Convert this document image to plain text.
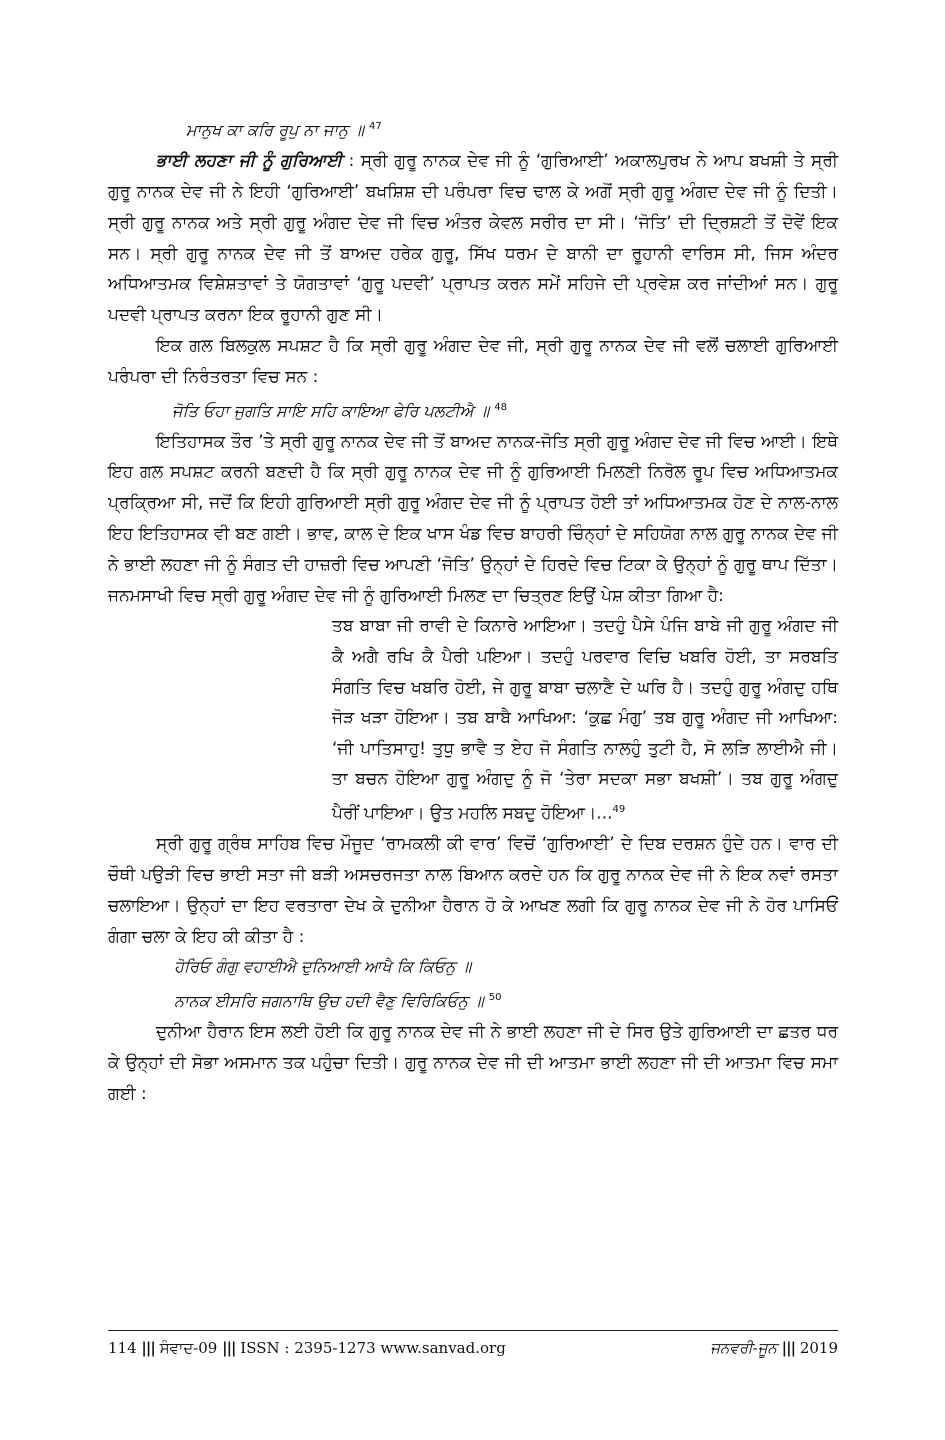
ਮਾਨੁਖ ਕਾ ਕਰਿ ਰੂਪੁ ਨਾ ਜਾਨੁ ॥ $^{47}$

ਭਾਈ ਲਹਣਾ ਜੀ ਨੂੰ ਗੁਰਿਆਈ : ਸ੍ਰੀ ਗੁਰੂ ਨਾਨਕ ਦੇਵ ਜੀ ਨੂੰ ‘ਗੁਰਿਆਈ’ ਅਕਾਲਪੁਰਖ ਨੇ ਆਪ ਬਖਸ਼ੀ ਤੇ ਸ੍ਰੀ ਗੁਰੂ ਨਾਨਕ ਦੇਵ ਜੀ ਨੇ ਇਹੀ ‘ਗੁਰਿਆਈ’ ਬਖਸ਼ਿਸ਼ ਦੀ ਪਰੰਪਰਾ ਵਿਚ ਢਾਲ ਕੇ ਅਗੋਂ ਸ੍ਰੀ ਗੁਰੂ ਅੰਗਦ ਦੇਵ ਜੀ ਨੂੰ ਦਿਤੀ। ਸ੍ਰੀ ਗੁਰੂ ਨਾਨਕ ਅਤੇ ਸ੍ਰੀ ਗੁਰੂ ਅੰਗਦ ਦੇਵ ਜੀ ਵਿਚ ਅੰਤਰ ਕੇਵਲ ਸਰੀਰ ਦਾ ਸੀ। ‘ਜੋਤਿ’ ਦੀ ਦ੍ਰਿਸ਼ਟੀ ਤੋਂ ਦੋਵੇਂ ਇਕ ਸਨ। ਸ੍ਰੀ ਗੁਰੂ ਨਾਨਕ ਦੇਵ ਜੀ ਤੋਂ ਬਾਅਦ ਹਰੇਕ ਗੁਰੂ, ਸਿੱਖ ਧਰਮ ਦੇ ਬਾਨੀ ਦਾ ਰੂਹਾਨੀ ਵਾਰਿਸ ਸੀ, ਜਿਸ ਅੰਦਰ ਅਧਿਆਤਮਕ ਵਿਸ਼ੇਸ਼ਤਾਵਾਂ ਤੇ ਯੋਗਤਾਵਾਂ ‘ਗੁਰੂ ਪਦਵੀ’ ਪ੍ਰਾਪਤ ਕਰਨ ਸਮੇਂ ਸਹਿਜੇ ਦੀ ਪ੍ਰਵੇਸ਼ ਕਰ ਜਾਂਦੀਆਂ ਸਨ। ਗੁਰੂ ਪਦਵੀ ਪ੍ਰਾਪਤ ਕਰਨਾ ਇਕ ਰੂਹਾਨੀ ਗੁਣ ਸੀ।

ਇਕ ਗਲ ਬਿਲਕੁਲ ਸਪਸ਼ਟ ਹੈ ਕਿ ਸ੍ਰੀ ਗੁਰੂ ਅੰਗਦ ਦੇਵ ਜੀ, ਸ੍ਰੀ ਗੁਰੂ ਨਾਨਕ ਦੇਵ ਜੀ ਵਲੋਂ ਚਲਾਈ ਗੁਰਿਆਈ ਪਰੰਪਰਾ ਦੀ ਨਿਰੰਤਰਤਾ ਵਿਚ ਸਨ :

ਜੋਤਿ ਓਹਾ ਜੁਗਤਿ ਸਾਇ ਸਹਿ ਕਾਇਆ ਫੇਰਿ ਪਲਟੀਐ ॥ $^{48}$

ਇਤਿਹਾਸਕ ਤੌਰ ’ਤੇ ਸ੍ਰੀ ਗੁਰੂ ਨਾਨਕ ਦੇਵ ਜੀ ਤੋਂ ਬਾਅਦ ਨਾਨਕ-ਜੋਤਿ ਸ੍ਰੀ ਗੁਰੂ ਅੰਗਦ ਦੇਵ ਜੀ ਵਿਚ ਆਈ। ਇਥੇ ਇਹ ਗਲ ਸਪਸ਼ਟ ਕਰਨੀ ਬਣਦੀ ਹੈ ਕਿ ਸ੍ਰੀ ਗੁਰੂ ਨਾਨਕ ਦੇਵ ਜੀ ਨੂੰ ਗੁਰਿਆਈ ਮਿਲਣੀ ਨਿਰੋਲ ਰੂਪ ਵਿਚ ਅਧਿਆਤਮਕ ਪ੍ਰਕ੍ਰਿਆ ਸੀ, ਜਦੋਂ ਕਿ ਇਹੀ ਗੁਰਿਆਈ ਸ੍ਰੀ ਗੁਰੂ ਅੰਗਦ ਦੇਵ ਜੀ ਨੂੰ ਪ੍ਰਾਪਤ ਹੋਈ ਤਾਂ ਅਧਿਆਤਮਕ ਹੋਣ ਦੇ ਨਾਲ-ਨਾਲ ਇਹ ਇਤਿਹਾਸਕ ਵੀ ਬਣ ਗਈ। ਭਾਵ, ਕਾਲ ਦੇ ਇਕ ਖਾਸ ਖੰਡ ਵਿਚ ਬਾਹਰੀ ਚਿੰਨ੍ਹਾਂ ਦੇ ਸਹਿਯੋਗ ਨਾਲ ਗੁਰੂ ਨਾਨਕ ਦੇਵ ਜੀ ਨੇ ਭਾਈ ਲਹਣਾ ਜੀ ਨੂੰ ਸੰਗਤ ਦੀ ਹਾਜ਼ਰੀ ਵਿਚ ਆਪਣੀ ‘ਜੋਤਿ’ ਉਨ੍ਹਾਂ ਦੇ ਹਿਰਦੇ ਵਿਚ ਟਿਕਾ ਕੇ ਉਨ੍ਹਾਂ ਨੂੰ ਗੁਰੂ ਥਾਪ ਦਿੱਤਾ। ਜਨਮਸਾਖੀ ਵਿਚ ਸ੍ਰੀ ਗੁਰੂ ਅੰਗਦ ਦੇਵ ਜੀ ਨੂੰ ਗੁਰਿਆਈ ਮਿਲਣ ਦਾ ਚਿਤ੍ਰਣ ਇਉਂ ਪੇਸ਼ ਕੀਤਾ ਗਿਆ ਹੈ:

ਤਬ ਬਾਬਾ ਜੀ ਰਾਵੀ ਦੇ ਕਿਨਾਰੇ ਆਇਆ। ਤਦਹੁੰ ਪੈਸੇ ਪੰਜਿ ਬਾਬੇ ਜੀ ਗੁਰੂ ਅੰਗਦ ਜੀ ਕੈ ਅਗੈ ਰਖਿ ਕੈ ਪੈਰੀ ਪਇਆ। ਤਦਹੁੰ ਪਰਵਾਰ ਵਿਚਿ ਖਬਰਿ ਹੋਈ, ਤਾ ਸਰਬਤਿ ਸੰਗਤਿ ਵਿਚ ਖਬਰਿ ਹੋਈ, ਜੇ ਗੁਰੂ ਬਾਬਾ ਚਲਾਣੈ ਦੇ ਘਰਿ ਹੈ। ਤਦਹੁੰ ਗੁਰੂ ਅੰਗਦੁ ਹਥਿ ਜੋੜ ਖੜਾ ਹੋਇਆ। ਤਬ ਬਾਬੈ ਆਖਿਆ: ‘ਕੁਛ ਮੰਗੁ’ ਤਬ ਗੁਰੂ ਅੰਗਦ ਜੀ ਆਖਿਆ: ‘ਜੀ ਪਾਤਿਸਾਹੁ! ਤੁਧੁ ਭਾਵੈ ਤ ਏਹ ਜੋ ਸੰਗਤਿ ਨਾਲਹੁੰ ਤੁਟੀ ਹੈ, ਸੋ ਲੜਿ ਲਾਈਐ ਜੀ। ਤਾ ਬਚਨ ਹੋਇਆ ਗੁਰੂ ਅੰਗਦੁ ਨੂੰ ਜੋ ‘ਤੇਰਾ ਸਦਕਾ ਸਭਾ ਬਖਸ਼ੀ’। ਤਬ ਗੁਰੂ ਅੰਗਦੁ ਪੈਰੀਂ ਪਾਇਆ। ਉਤ ਮਹਲਿ ਸਬਦੁ ਹੋਇਆ।...$^{49}$

ਸ੍ਰੀ ਗੁਰੂ ਗ੍ਰੰਥ ਸਾਹਿਬ ਵਿਚ ਮੌਜੂਦ ‘ਰਾਮਕਲੀ ਕੀ ਵਾਰ’ ਵਿਚੋਂ ‘ਗੁਰਿਆਈ’ ਦੇ ਦਿਬ ਦਰਸ਼ਨ ਹੁੰਦੇ ਹਨ। ਵਾਰ ਦੀ ਚੌਥੀ ਪਉੜੀ ਵਿਚ ਭਾਈ ਸਤਾ ਜੀ ਬੜੀ ਅਸਚਰਜਤਾ ਨਾਲ ਬਿਆਨ ਕਰਦੇ ਹਨ ਕਿ ਗੁਰੂ ਨਾਨਕ ਦੇਵ ਜੀ ਨੇ ਇਕ ਨਵਾਂ ਰਸਤਾ ਚਲਾਇਆ। ਉਨ੍ਹਾਂ ਦਾ ਇਹ ਵਰਤਾਰਾ ਦੇਖ ਕੇ ਦੁਨੀਆ ਹੈਰਾਨ ਹੋ ਕੇ ਆਖਣ ਲਗੀ ਕਿ ਗੁਰੂ ਨਾਨਕ ਦੇਵ ਜੀ ਨੇ ਹੋਰ ਪਾਸਿਓਂ ਗੰਗਾ ਚਲਾ ਕੇ ਇਹ ਕੀ ਕੀਤਾ ਹੈ :

ਹੋਰਿਓ ਗੰਗੁ ਵਹਾਈਐ ਦੁਨਿਆਈ ਆਖੈ ਕਿ ਕਿਓਨੁ ॥

ਨਾਨਕ ਈਸਰਿ ਜਗਨਾਥਿ ਉਚ ਹਦੀ ਵੈਣੁ ਵਿਰਿਕਿਓਨੁ ॥ $^{50}$

ਦੁਨੀਆ ਹੈਰਾਨ ਇਸ ਲਈ ਹੋਈ ਕਿ ਗੁਰੂ ਨਾਨਕ ਦੇਵ ਜੀ ਨੇ ਭਾਈ ਲਹਣਾ ਜੀ ਦੇ ਸਿਰ ਉਤੇ ਗੁਰਿਆਈ ਦਾ ਛਤਰ ਧਰ ਕੇ ਉਨ੍ਹਾਂ ਦੀ ਸੋਭਾ ਅਸਮਾਨ ਤਕ ਪਹੁੰਚਾ ਦਿਤੀ। ਗੁਰੂ ਨਾਨਕ ਦੇਵ ਜੀ ਦੀ ਆਤਮਾ ਭਾਈ ਲਹਣਾ ਜੀ ਦੀ ਆਤਮਾ ਵਿਚ ਸਮਾ ਗਈ :

114 ||| ਸੰਵਾਦ-09 ||| ISSN : 2395-1273 www.sanvad.org	ਜਨਵਰੀ-ਜੂਨ ||| 2019
